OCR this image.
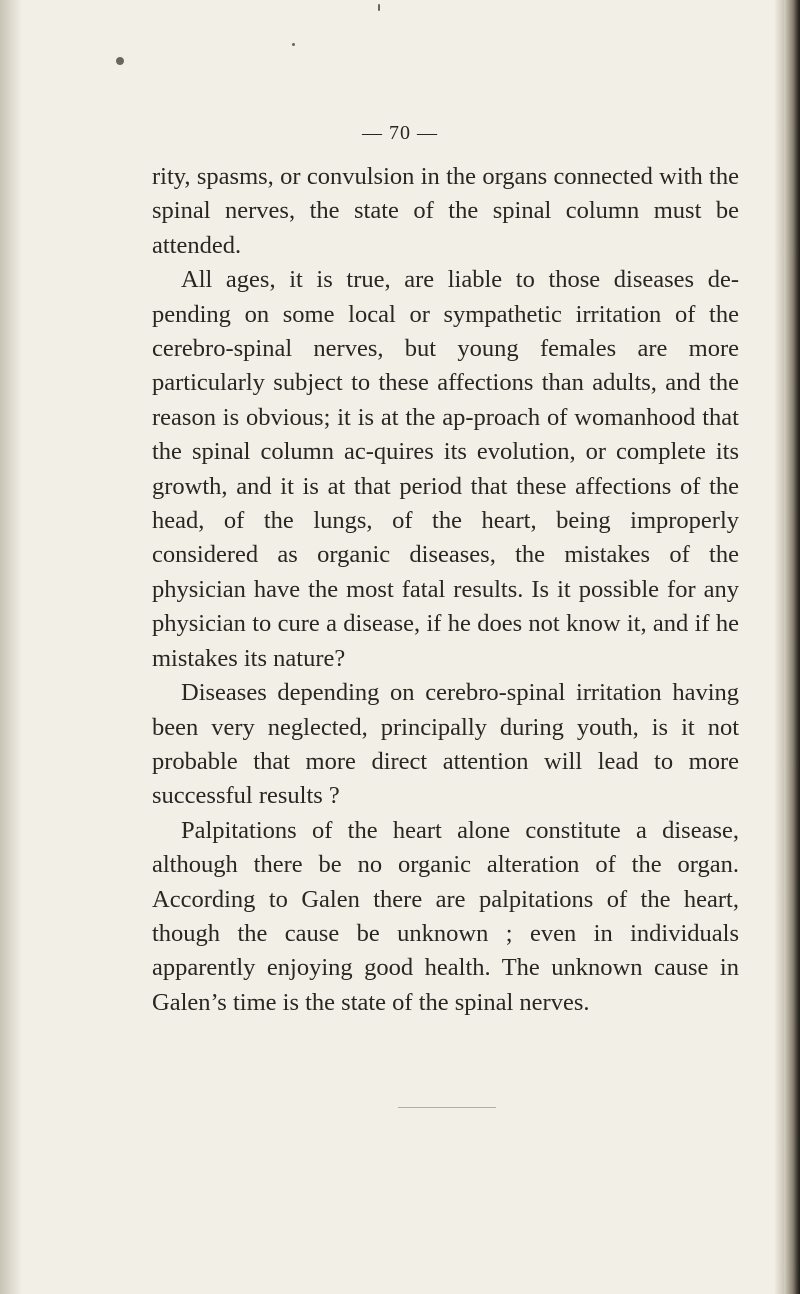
— 70 —

rity, spasms, or convulsion in the organs connected with the spinal nerves, the state of the spinal column must be attended.

All ages, it is true, are liable to those diseases de-pending on some local or sympathetic irritation of the cerebro-spinal nerves, but young females are more particularly subject to these affections than adults, and the reason is obvious; it is at the ap-proach of womanhood that the spinal column ac-quires its evolution, or complete its growth, and it is at that period that these affections of the head, of the lungs, of the heart, being improperly considered as organic diseases, the mistakes of the physician have the most fatal results. Is it possible for any physician to cure a disease, if he does not know it, and if he mistakes its nature?

Diseases depending on cerebro-spinal irritation having been very neglected, principally during youth, is it not probable that more direct attention will lead to more successful results ?

Palpitations of the heart alone constitute a disease, although there be no organic alteration of the organ. According to Galen there are palpitations of the heart, though the cause be unknown ; even in individuals apparently enjoying good health. The unknown cause in Galen’s time is the state of the spinal nerves.
